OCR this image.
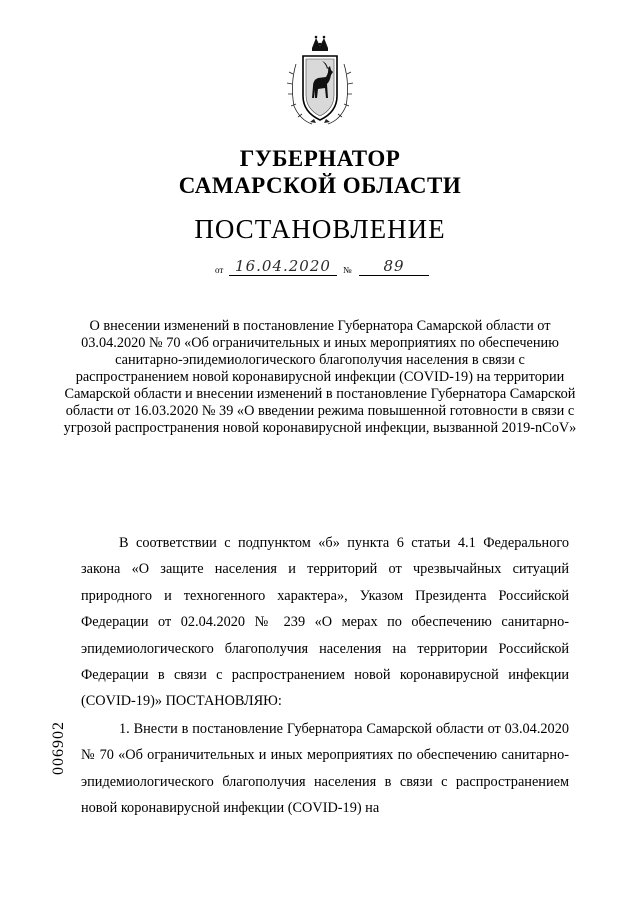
ГУБЕРНАТОР
САМАРСКОЙ ОБЛАСТИ
ПОСТАНОВЛЕНИЕ
от 16.04.2020	№	89
О внесении изменений в постановление Губернатора Самарской области от 03.04.2020 № 70 «Об ограничительных и иных мероприятиях по обеспечению санитарно-эпидемиологического благополучия населения в связи с распространением новой коронавирусной инфекции (COVID-19) на территории Самарской области и внесении изменений в постановление Губернатора Самарской области от 16.03.2020 № 39 «О введении режима повышенной готовности в связи с угрозой распространения новой коронавирусной инфекции, вызванной 2019-nCoV»
В соответствии с подпунктом «б» пункта 6 статьи 4.1 Федерального закона «О защите населения и территорий от чрезвычайных ситуаций природного и техногенного характера», Указом Президента Российской Федерации от 02.04.2020 № 239 «О мерах по обеспечению санитарно-эпидемиологического благополучия населения на территории Российской Федерации в связи с распространением новой коронавирусной инфекции (COVID-19)» ПОСТАНОВЛЯЮ:
1. Внести в постановление Губернатора Самарской области от 03.04.2020 № 70 «Об ограничительных и иных мероприятиях по обеспечению санитарно-эпидемиологического благополучия населения в связи с распространением новой коронавирусной инфекции (COVID-19) на
006902
